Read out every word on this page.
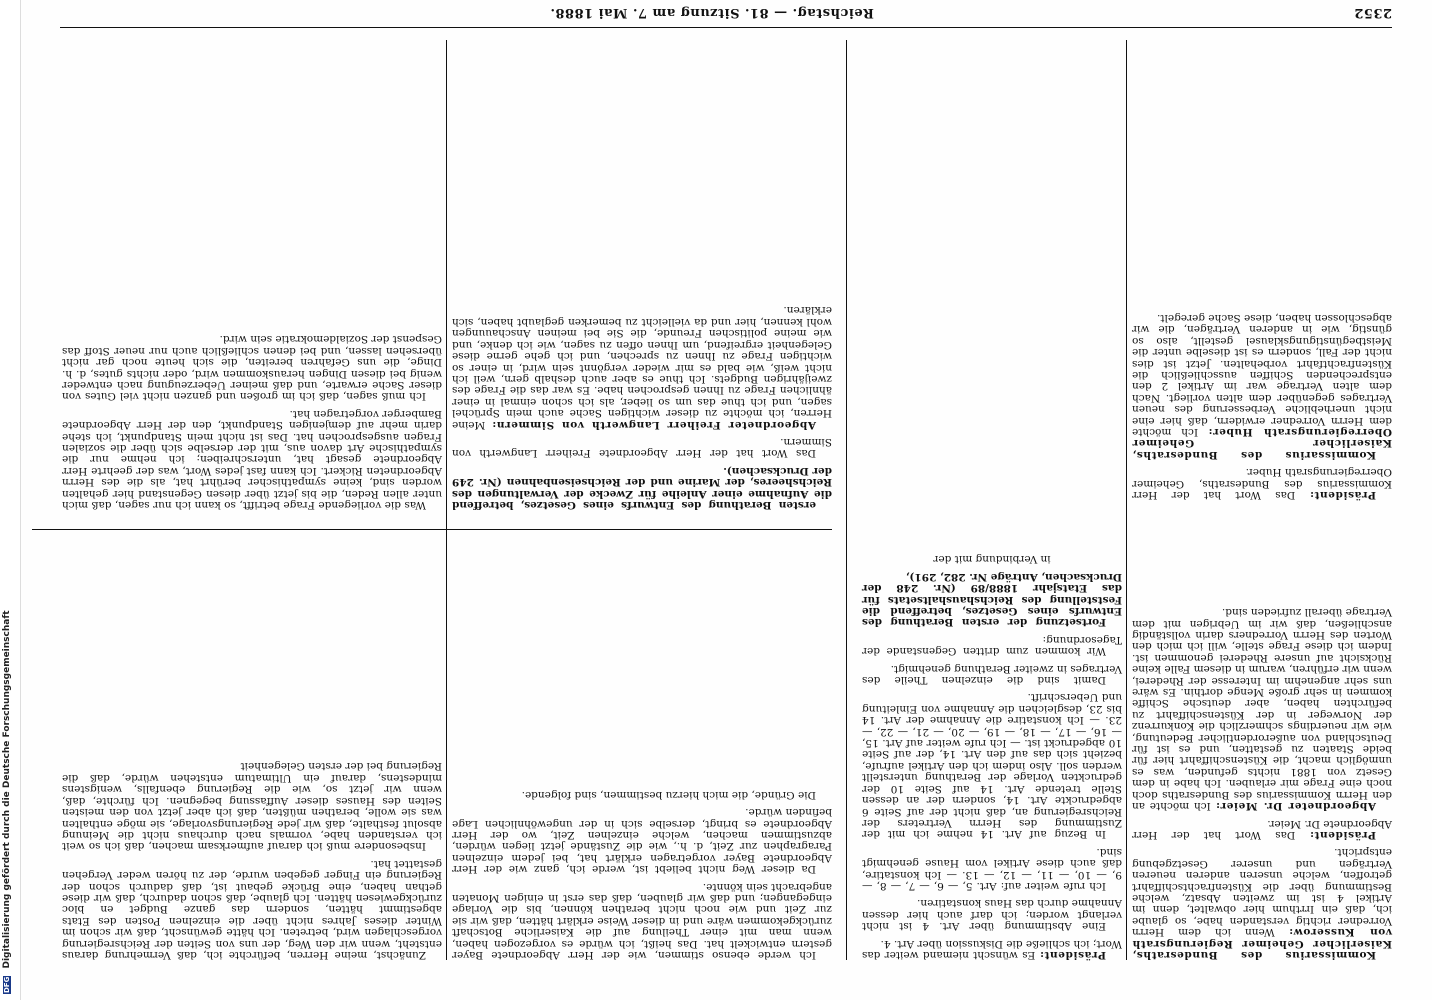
DFG Digitalisierung gefördert durch die Deutsche Forschungsgemeinschaft
2352
Reichstag. — 81. Sitzung am 7. Mai 1888.

Kommissarius des Bundesraths, Kaiserlicher Geheimer Regierungsrath von Kusserow: Wenn ich dem Herrn Vorredner richtig verstanden habe, so glaube ich, daß ein Irrthum hier obwaltet, denn im Artikel 4 ist im zweiten Absatz, welche Bestimmung über die Küstenfrachtschiffahrt getroffen, welche unseren anderen neueren Verträgen und unserer Gesetzgebung entspricht.

Präsident: Das Wort hat der Herr Abgeordnete Dr. Meier.

Abgeordneter Dr. Meier: Ich möchte an den Herrn Kommissarius des Bundesraths doch noch eine Frage mir erlauben. Ich habe in dem Gesetz von 1881 nichts gefunden, was es unmöglich macht, die Küstenschiffahrt hier für beide Staaten zu gestatten, und es ist für Deutschland von außerordentlicher Bedeutung, wie wir neuerdings schmerzlich die Konkurrenz der Norweger in der Küstenschiffahrt zu befürchten haben, aber deutsche Schiffe kommen in sehr große Menge dorthin. Es wäre uns sehr angenehm im Interesse der Rhederei, wenn wir erführen, warum in diesem Falle keine Rücksicht auf unsere Rhederei genommen ist. Indem ich diese Frage stelle, will ich mich den Worten des Herrn Vorredners darin vollständig anschließen, daß wir im Uebrigen mit dem Vertrage überall zufrieden sind.

Präsident: Das Wort hat der Herr Kommissarius des Bundesraths, Geheimer Oberregierungsrath Huber.

Kommissarius des Bundesraths, Kaiserlicher Geheimer Oberregierungsrath Huber: Ich möchte dem Herrn Vorredner erwidern, daß hier eine nicht unerhebliche Verbesserung des neuen Vertrages gegenüber dem alten vorliegt. Nach dem alten Vertrage war im Artikel 2 den entsprechenden Schiffen ausschließlich die Küstenfrachtfahrt vorbehalten. Jetzt ist dies nicht der Fall, sondern es ist dieselbe unter die Meistbegünstigungsklausel gestellt, also so günstig, wie in anderen Verträgen, die wir abgeschlossen haben, diese Sache geregelt.

Präsident: Es wünscht niemand weiter das Wort; ich schließe die Diskussion über Art. 4.

Eine Abstimmung über Art. 4 ist nicht verlangt worden; ich darf auch hier dessen Annahme durch das Haus konstatiren.

Ich rufe weiter auf: Art. 5, — 6, — 7, — 8, — 9, — 10, — 11, — 12, — 13. — Ich konstatire, daß auch diese Artikel vom Hause genehmigt sind.

In Bezug auf Art. 14 nehme ich mit der Zustimmung des Herrn Vertreters der Reichsregierung an, daß nicht der auf Seite 6 abgedruckte Art. 14, sondern der an dessen Stelle tretende Art. 14 auf Seite 10 der gedruckten Vorlage der Berathung unterstellt werden soll. Also indem ich den Artikel aufrufe, bezieht sich das auf den Art. 14, der auf Seite 10 abgedruckt ist. — Ich rufe weiter auf Art. 15, — 16, — 17, — 18, — 19, — 20, — 21, — 22, — 23. — Ich konstatire die Annahme der Art. 14 bis 23, desgleichen die Annahme von Einleitung und Ueberschrift.

Damit sind die einzelnen Theile des Vertrages in zweiter Berathung genehmigt.

Wir kommen zum dritten Gegenstande der Tagesordnung:

Fortsetzung der ersten Berathung des Entwurfs eines Gesetzes, betreffend die Feststellung des Reichshaushaltsetats für das Etatsjahr 1888/89 (Nr. 248 der Drucksachen, Anträge Nr. 282, 291),

in Verbindung mit der

ersten Berathung des Entwurfs eines Gesetzes, betreffend die Aufnahme einer Anleihe für Zwecke der Verwaltungen des Reichsheeres, der Marine und der Reichseisenbahnen (Nr. 249 der Drucksachen).

Das Wort hat der Herr Abgeordnete Freiherr Langwerth von Simmern.

Abgeordneter Freiherr Langwerth von Simmern: Meine Herren, ich möchte zu dieser wichtigen Sache auch mein Sprüchel sagen, und ich thue das um so lieber, als ich schon einmal in einer ähnlichen Frage zu Ihnen gesprochen habe. Es war das die Frage des zweijährigen Budgets. Ich thue es aber auch deshalb gern, weil ich nicht weiß, wie bald es mir wieder vergönnt sein wird, in einer so wichtigen Frage zu Ihnen zu sprechen, und ich gehe gerne diese Gelegenheit ergreifend, um Ihnen offen zu sagen, wie ich denke, und wie meine politischen Freunde, die Sie bei meinen Anschauungen wohl kennen, hier und da vielleicht zu bemerken geglaubt haben, sich erklären.

Was die vorliegende Frage betrifft, so kann ich nur sagen, daß mich unter allen Reden, die bis jetzt über diesen Gegenstand hier gehalten worden sind, keine sympathischer berührt hat, als die des Herrn Abgeordneten Rickert. Ich kann fast jedes Wort, was der geehrte Herr Abgeordnete gesagt hat, unterschreiben; ich nehme nur die sympathische Art davon aus, mit der derselbe sich über die sozialen Fragen ausgesprochen hat. Das ist nicht mein Standpunkt, ich stehe darin mehr auf demjenigen Standpunkt, den der Herr Abgeordnete Bamberger vorgetragen hat.

Ich muß sagen, daß ich im großen und ganzen nicht viel Gutes von dieser Sache erwarte, und daß meiner Ueberzeugung nach entweder wenig bei diesen Dingen herauskommen wird, oder nichts gutes, d. h. Dinge, die uns Gefahren bereiten, die sich heute noch gar nicht übersehen lassen, und bei denen schließlich auch nur neuer Stoff das Gespenst der Sozialdemokratie sein wird.

Ich werde ebenso stimmen, wie der Herr Abgeordnete Bayer gestern entwickelt hat. Das heißt, ich würde es vorgezogen haben, wenn man mit einer Theilung auf die Kaiserliche Botschaft zurückgekommen wäre und in dieser Weise erklärt hätten, daß wir sie zur Zeit und wie noch nicht berathen können, bis die Vorlage eingegangen; und daß wir glauben, daß das erst in einigen Monaten angebracht sein könnte.

Da dieser Weg nicht beliebt ist, werde ich, ganz wie der Herr Abgeordnete Bayer vorgetragen erklärt hat, bei jedem einzelnen Paragraphen zur Zeit, d. h., wie die Zustände jetzt liegen würden, abzustimmen machen, welche einzelnen Zeit, wo der Herr Abgeordnete es bringt, derselbe sich in der ungewöhnlichen Lage befinden würde.

Die Gründe, die mich hierzu bestimmen, sind folgende.

Zunächst, meine Herren, befürchte ich, daß Vermehrung daraus entsteht, wenn wir den Weg, der uns von Seiten der Reichsregierung vorgeschlagen wird, betreten. Ich hätte gewünscht, daß wir schon im Winter dieses Jahres nicht über die einzelnen Posten des Etats abgestimmt hätten, sondern das ganze Budget en bloc zurückgewiesen hätten. Ich glaube, daß schon dadurch, daß wir diese gethan haben, eine Brücke gebaut ist, daß dadurch schon der Regierung ein Finger gegeben wurde, der zu hören weder Vergehen gestattet hat.

Insbesondere muß ich darauf aufmerksam machen, daß ich so weit ich verstanden habe, vormals nach durchaus nicht die Meinung absolut festhalte, daß wir jede Regierungsvorlage, sie möge enthalten was sie wolle, berathen müßten, daß ich aber jetzt von den meisten Seiten des Hauses dieser Auffassung begegnen. Ich fürchte, daß, wenn wir jetzt so, wie die Regierung ebenfalls, wenigstens mindestens, darauf ein Ultimatum entstehen würde, daß die Regierung bei der ersten Gelegenheit
